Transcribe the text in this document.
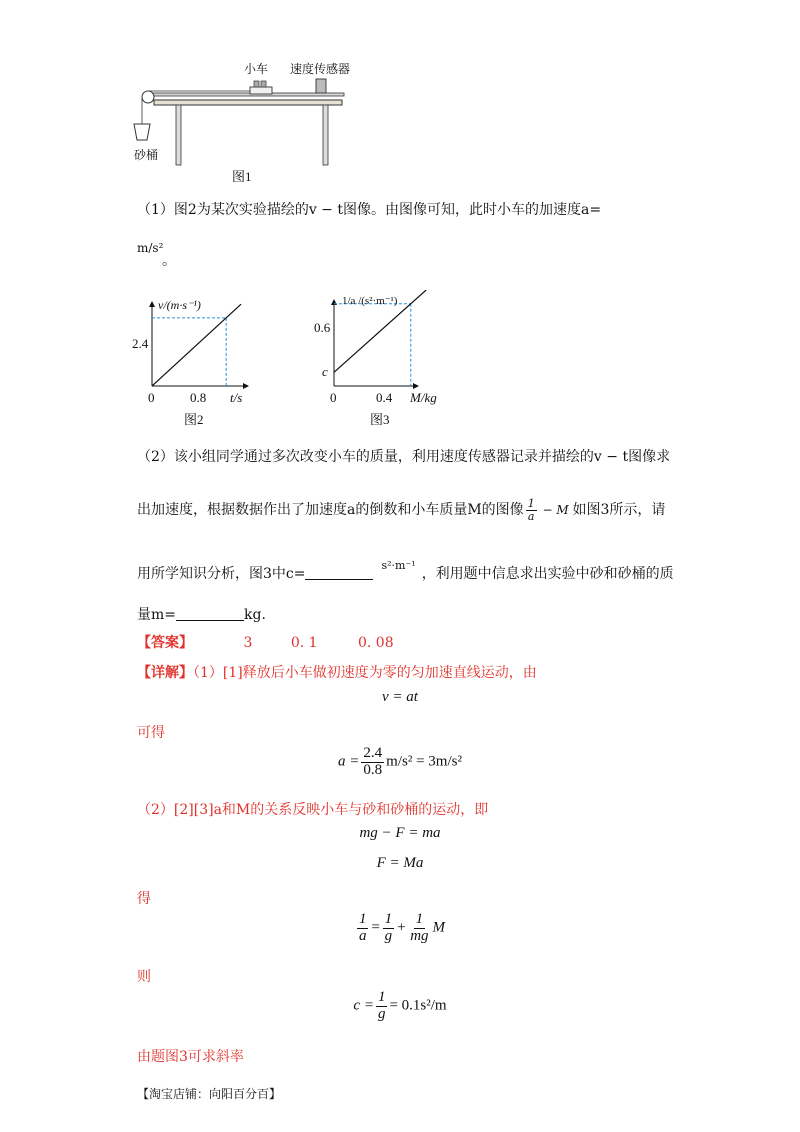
小车 速度传感器
砂桶
图1
（1）图2为某次实验描绘的v − t图像。由图像可知，此时小车的加速度a=
m/s²
。
v/(m·s⁻¹)
2.4
0	0.8 t/s
图2
1/a /(s²·m⁻¹)
0.6
c
0	0.4 M/kg
图3
（2）该小组同学通过多次改变小车的质量，利用速度传感器记录并描绘的v − t图像求
出加速度，根据数据作出了加速度a的倒数和小车质量M的图像 $\frac{1}{a} - M$ 如图3所示，请
用所学知识分析，图3中c=$^{s^2\cdot m^{-1}}$，利用题中信息求出实验中砂和砂桶的质
量m=	kg.
【答案】	3	0. 1	0. 08
【详解】（1）[1]释放后小车做初速度为零的匀加速直线运动，由
v = at
可得
$a = \frac{2.4}{0.8} m/s^2 = 3m/s^2$
（2）[2][3]a和M的关系反映小车与砂和砂桶的运动，即
mg − F = ma
F = Ma
得
$\frac{1}{a} = \frac{1}{g} + \frac{1}{mg}$ M
则
$c = \frac{1}{g} = 0.1s^2/m$
由题图3可求斜率
【淘宝店铺：向阳百分百】
